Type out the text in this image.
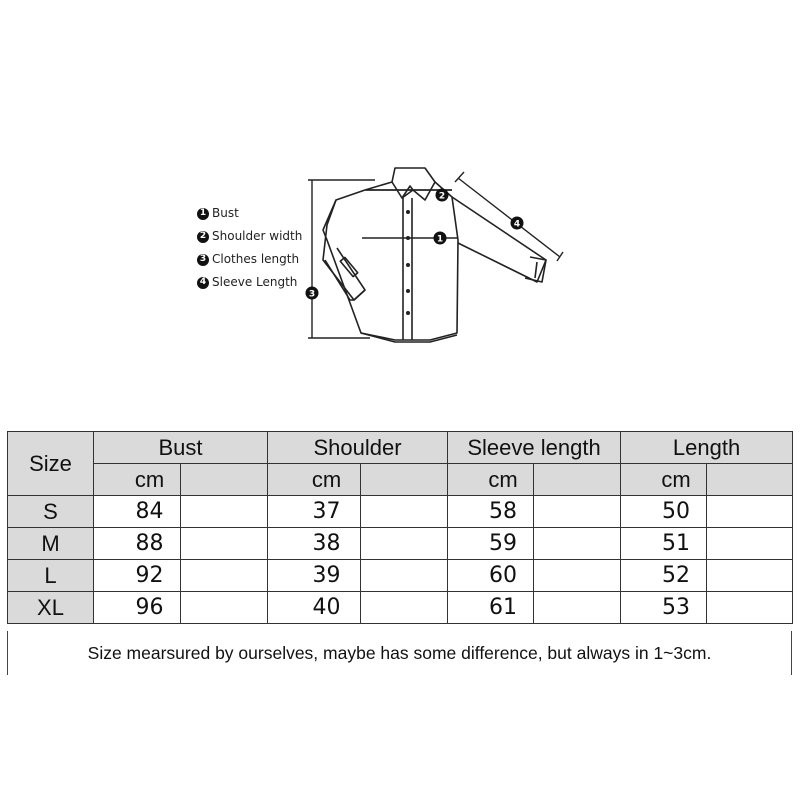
1
2
3
4
1 Bust
2 Shoulder width
3 Clothes length
4 Sleeve Length
Size	Bust		Shoulder		Sleeve length		Length	
	cm		cm		cm		cm	
S	84		37		58		50	
M	88		38		59		51	
L	92		39		60		52	
XL	96		40		61		53	
Size mearsured by ourselves, maybe has some difference, but always in 1~3cm.
